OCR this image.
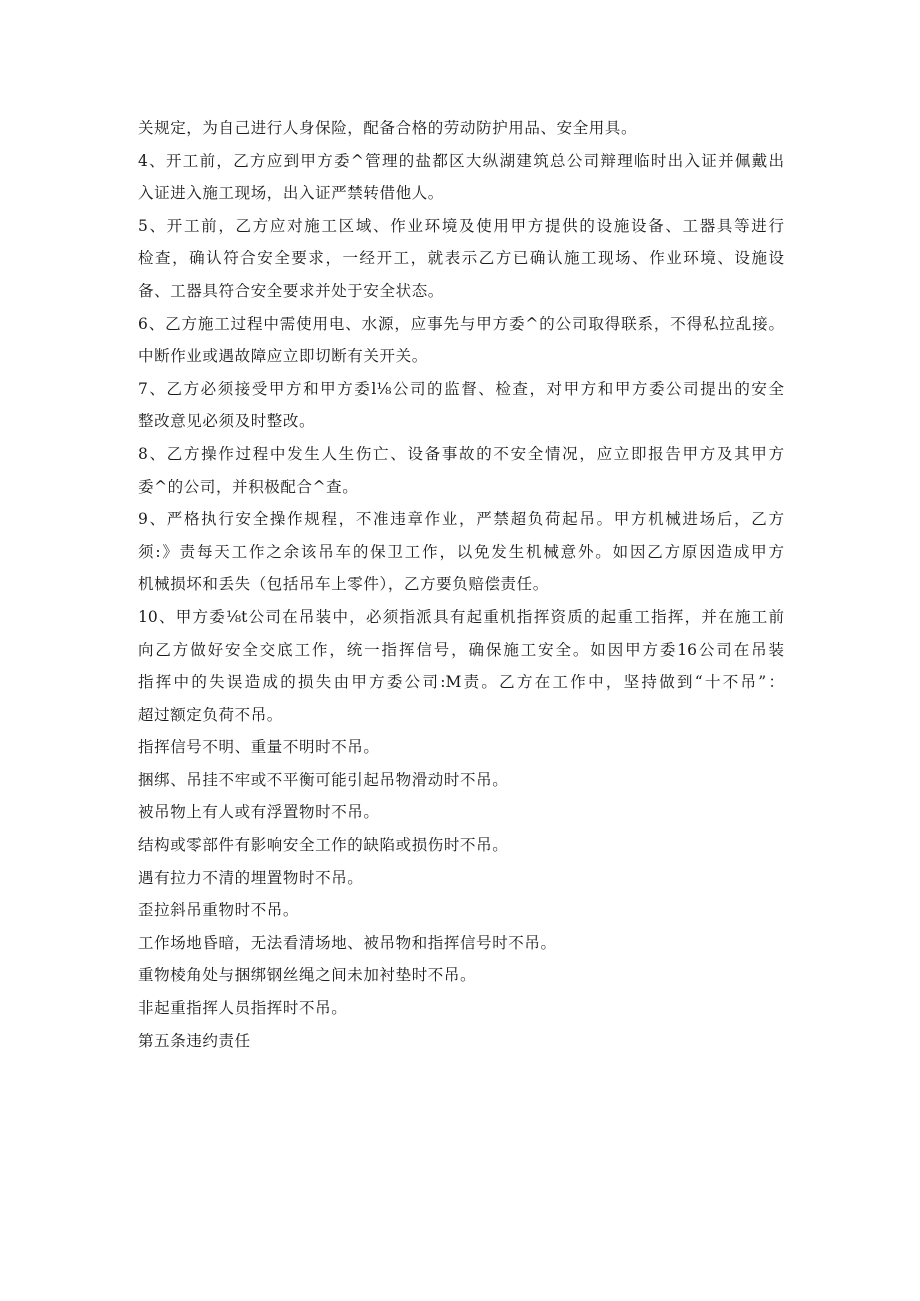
关规定，为自己进行人身保险，配备合格的劳动防护用品、安全用具。
4、开工前，乙方应到甲方委^管理的盐都区大纵湖建筑总公司辩理临时出入证并佩戴出
入证进入施工现场，出入证严禁转借他人。
5、开工前，乙方应对施工区域、作业环境及使用甲方提供的设施设备、工器具等进行
检查，确认符合安全要求，一经开工，就表示乙方已确认施工现场、作业环境、设施设
备、工器具符合安全要求并处于安全状态。
6、乙方施工过程中需使用电、水源，应事先与甲方委^的公司取得联系，不得私拉乱接。
中断作业或遇故障应立即切断有关开关。
7、乙方必须接受甲方和甲方委l⅛公司的监督、检查，对甲方和甲方委公司提出的安全
整改意见必须及时整改。
8、乙方操作过程中发生人生伤亡、设备事故的不安全情况，应立即报告甲方及其甲方
委^的公司，并积极配合^查。
9、严格执行安全操作规程，不准违章作业，严禁超负荷起吊。甲方机械进场后，乙方
须:》责每天工作之余该吊车的保卫工作，以免发生机械意外。如因乙方原因造成甲方
机械损坏和丢失（包括吊车上零件），乙方要负赔偿责任。
10、甲方委⅛t公司在吊装中，必须指派具有起重机指挥资质的起重工指挥，并在施工前
向乙方做好安全交底工作，统一指挥信号，确保施工安全。如因甲方委16公司在吊装
指挥中的失误造成的损失由甲方委公司:M责。乙方在工作中，坚持做到“十不吊”：
超过额定负荷不吊。
指挥信号不明、重量不明时不吊。
捆绑、吊挂不牢或不平衡可能引起吊物滑动时不吊。
被吊物上有人或有浮置物时不吊。
结构或零部件有影响安全工作的缺陷或损伤时不吊。
遇有拉力不清的埋置物时不吊。
歪拉斜吊重物时不吊。
工作场地昏暗，无法看清场地、被吊物和指挥信号时不吊。
重物棱角处与捆绑钢丝绳之间未加衬垫时不吊。
非起重指挥人员指挥时不吊。
第五条违约责任
